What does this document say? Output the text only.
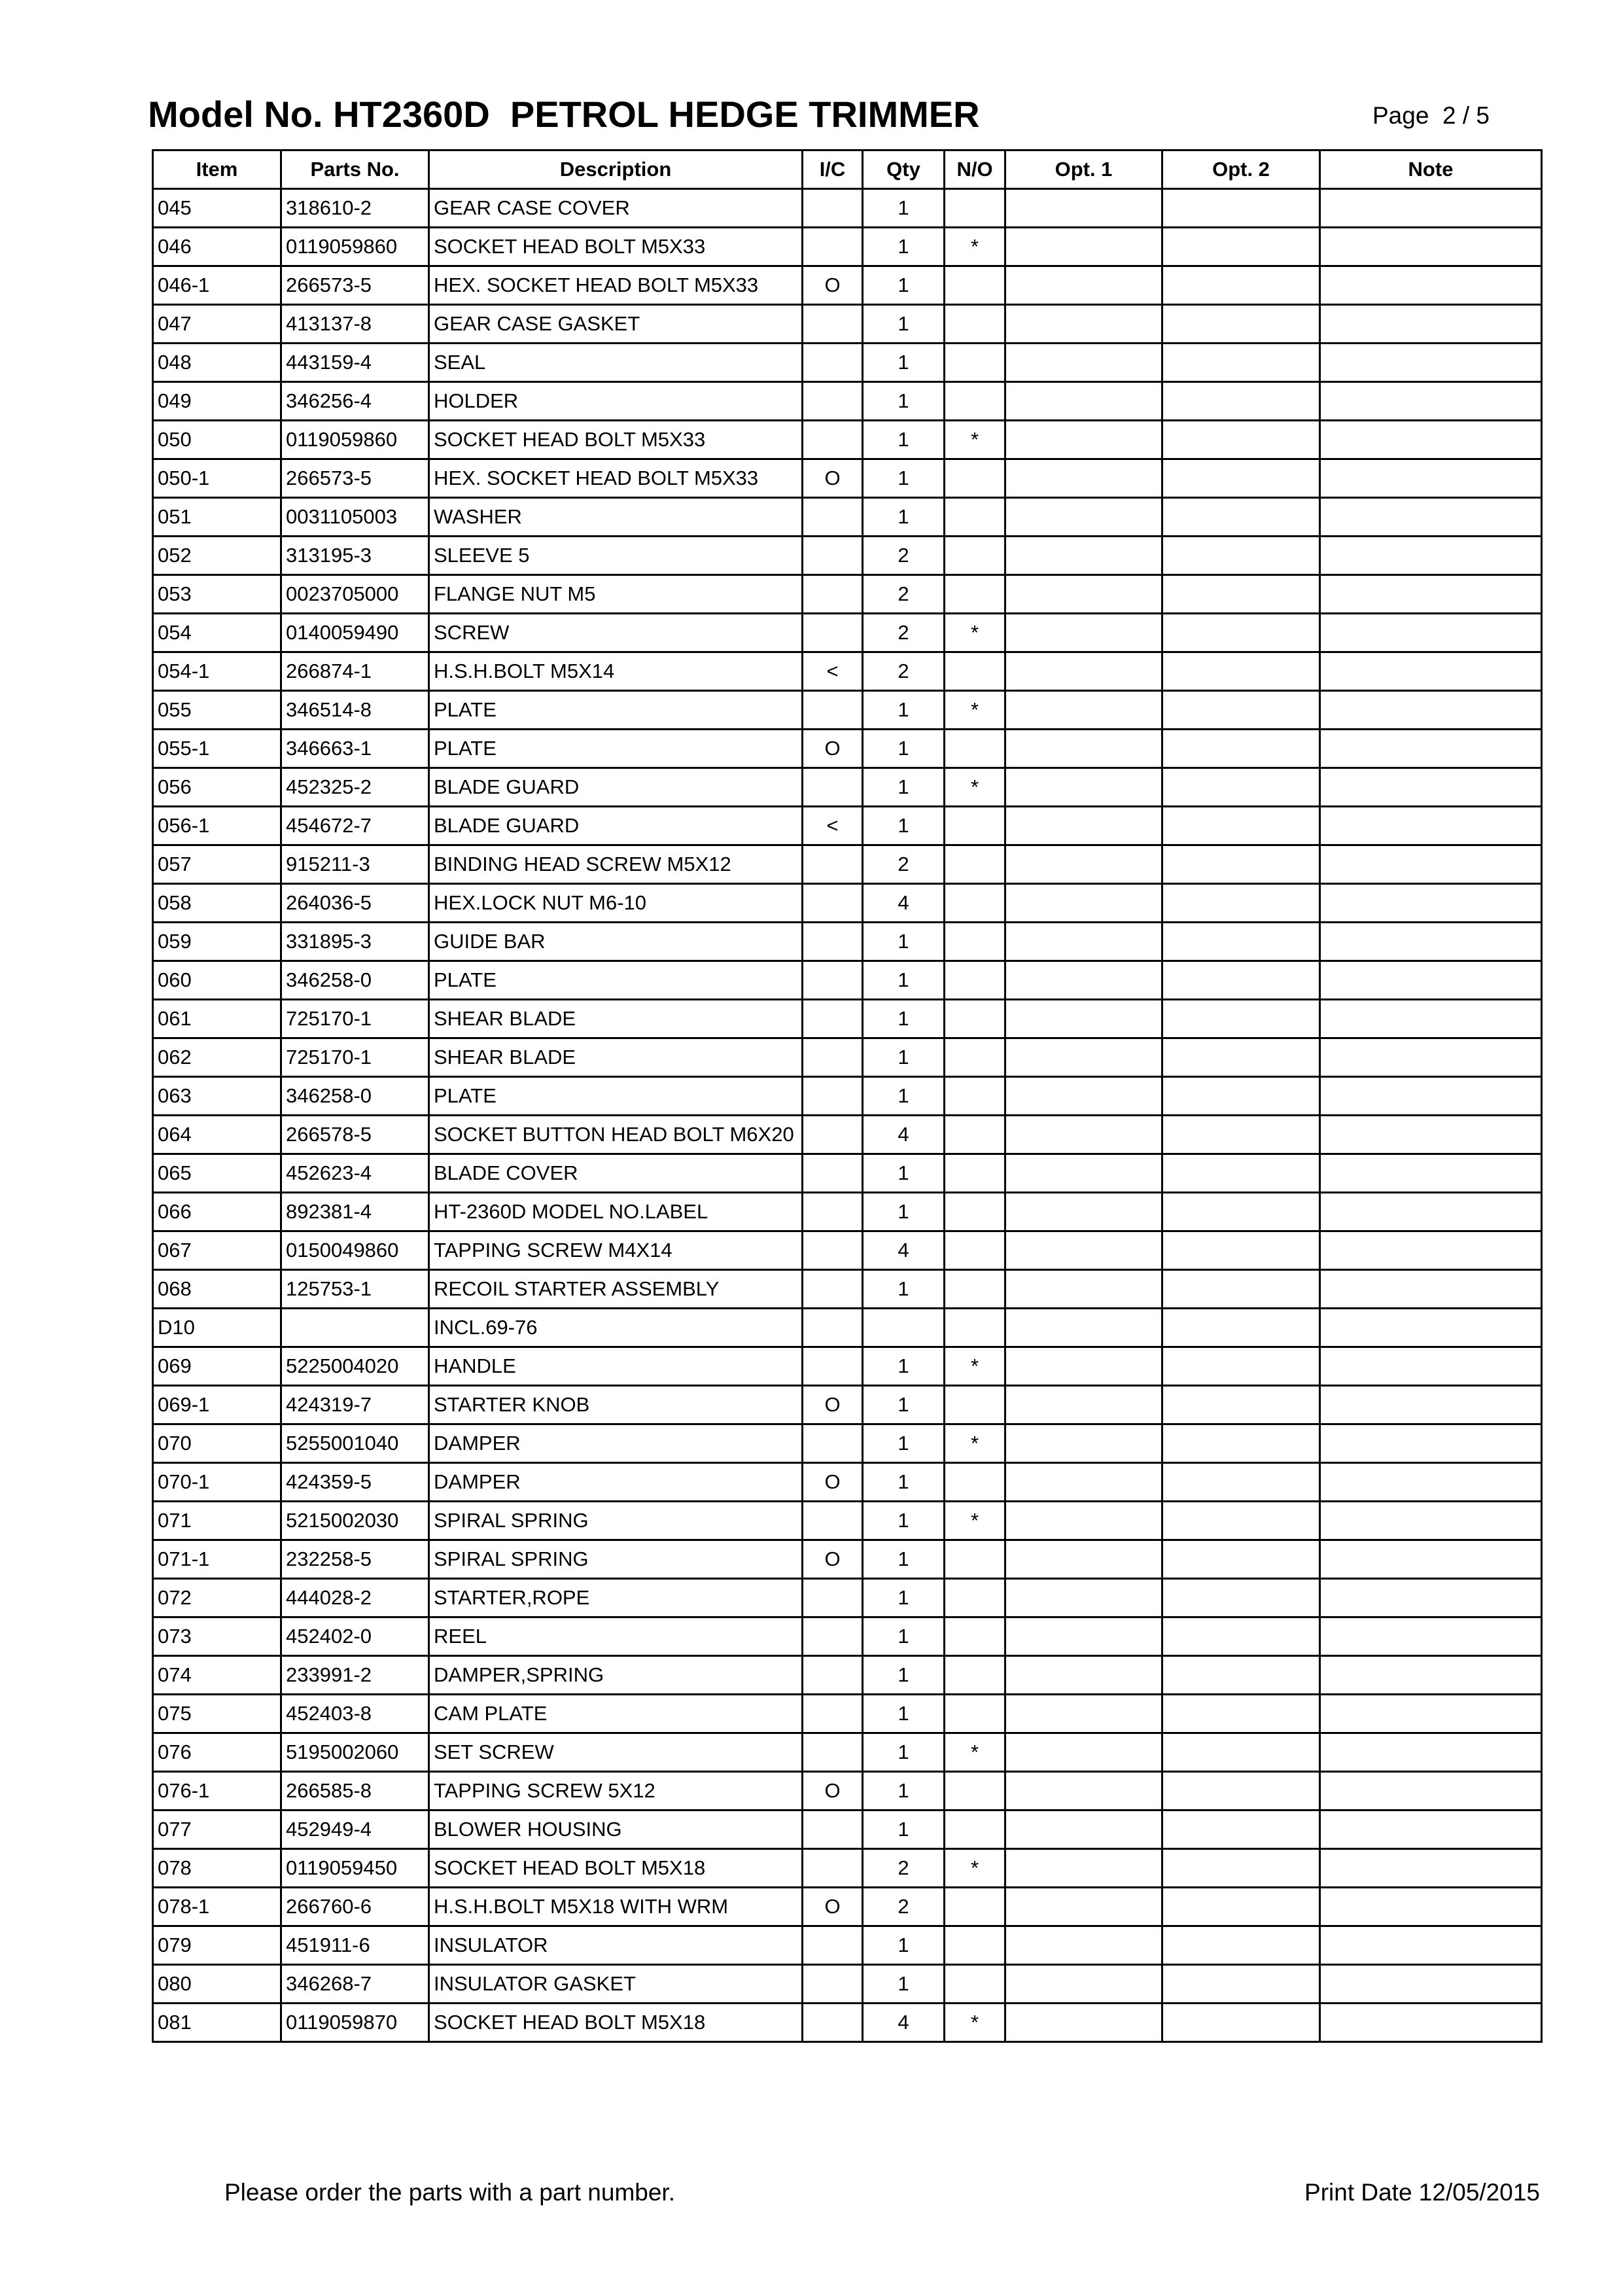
Model No. HT2360D  PETROL HEDGE TRIMMER	Page  2 / 5
Item	Parts No.	Description	I/C	Qty	N/O	Opt. 1	Opt. 2	Note
045	318610-2	GEAR CASE COVER		1				
046	0119059860	SOCKET HEAD BOLT M5X33		1	*			
046-1	266573-5	HEX. SOCKET HEAD BOLT M5X33	O	1				
047	413137-8	GEAR CASE GASKET		1				
048	443159-4	SEAL		1				
049	346256-4	HOLDER		1				
050	0119059860	SOCKET HEAD BOLT M5X33		1	*			
050-1	266573-5	HEX. SOCKET HEAD BOLT M5X33	O	1				
051	0031105003	WASHER		1				
052	313195-3	SLEEVE 5		2				
053	0023705000	FLANGE NUT M5		2				
054	0140059490	SCREW		2	*			
054-1	266874-1	H.S.H.BOLT M5X14	<	2				
055	346514-8	PLATE		1	*			
055-1	346663-1	PLATE	O	1				
056	452325-2	BLADE GUARD		1	*			
056-1	454672-7	BLADE GUARD	<	1				
057	915211-3	BINDING HEAD SCREW M5X12		2				
058	264036-5	HEX.LOCK NUT M6-10		4				
059	331895-3	GUIDE BAR		1				
060	346258-0	PLATE		1				
061	725170-1	SHEAR BLADE		1				
062	725170-1	SHEAR BLADE		1				
063	346258-0	PLATE		1				
064	266578-5	SOCKET BUTTON HEAD BOLT M6X20		4				
065	452623-4	BLADE COVER		1				
066	892381-4	HT-2360D MODEL NO.LABEL		1				
067	0150049860	TAPPING SCREW M4X14		4				
068	125753-1	RECOIL STARTER ASSEMBLY		1				
D10		INCL.69-76						
069	5225004020	HANDLE		1	*			
069-1	424319-7	STARTER KNOB	O	1				
070	5255001040	DAMPER		1	*			
070-1	424359-5	DAMPER	O	1				
071	5215002030	SPIRAL SPRING		1	*			
071-1	232258-5	SPIRAL SPRING	O	1				
072	444028-2	STARTER,ROPE		1				
073	452402-0	REEL		1				
074	233991-2	DAMPER,SPRING		1				
075	452403-8	CAM PLATE		1				
076	5195002060	SET SCREW		1	*			
076-1	266585-8	TAPPING SCREW 5X12	O	1				
077	452949-4	BLOWER HOUSING		1				
078	0119059450	SOCKET HEAD BOLT M5X18		2	*			
078-1	266760-6	H.S.H.BOLT M5X18 WITH WRM	O	2				
079	451911-6	INSULATOR		1				
080	346268-7	INSULATOR GASKET		1				
081	0119059870	SOCKET HEAD BOLT M5X18		4	*			
Please order the parts with a part number.	Print Date 12/05/2015
